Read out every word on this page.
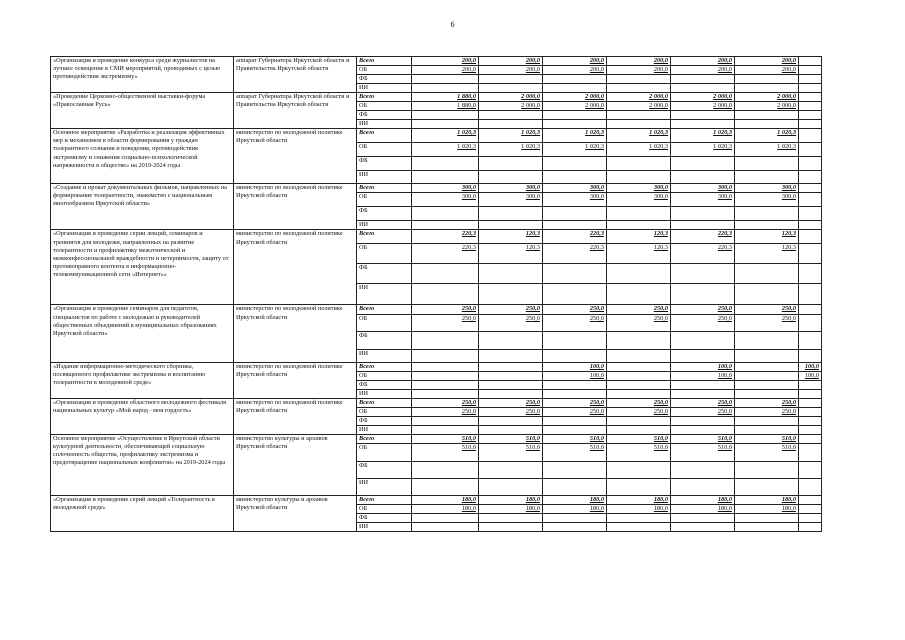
6
«Организация и проведение конкурса среди журналистов на лучшее освещение в СМИ мероприятий, проводимых с целью противодействия экстремизму»	аппарат Губернатора Иркутской области и Правительства Иркутской области	Всего	200,0	200,0	200,0	200,0	200,0	200,0	
		ОБ	200,0	200,0	200,0	200,0	200,0	200,0	
		ФБ							
		ИИ							
«Проведение Церковно-общественной выставки-форума «Православная Русь»	аппарат Губернатора Иркутской области и Правительства Иркутской области	Всего	1 880,0	2 000,0	2 000,0	2 000,0	2 000,0	2 000,0	
		ОБ	1 880,0	2 000,0	2 000,0	2 000,0	2 000,0	2 000,0	
		ФБ							
		ИИ							
Основное мероприятие «Разработка и реализация эффективных мер и механизмов в области формирования у граждан толерантного сознания и поведения, противодействия экстремизму и снижения социально-психологической напряженности в обществе» на 2019-2024 годы	министерство по молодежной политике Иркутской области	Всего	1 020,3	1 020,3	1 020,3	1 020,3	1 020,3	1 020,3	
		ОБ	1 020,3	1 020,3	1 020,3	1 020,3	1 020,3	1 020,3	
		ФБ							
		ИИ							
«Создание и прокат документальных фильмов, направленных на формирование толерантности, знакомство с национальным многообразием Иркутской области»	министерство по молодежной политике Иркутской области	Всего	300,0	300,0	300,0	300,0	300,0	300,0	
		ОБ	300,0	300,0	300,0	300,0	300,0	300,0	
		ФБ							
		ИИ							
«Организация и проведение серии лекций, семинаров и тренингов для молодежи, направленных на развитие толерантности и профилактику межэтнической и межконфессиональной враждебности и нетерпимости, защиту от противоправного контента в информационно-телекоммуникационной сети «Интернет»»	министерство по молодежной политике Иркутской области	Всего	220,3	120,3	220,3	120,3	220,3	120,3	
		ОБ	220,3	120,3	220,3	120,3	220,3	120,3	
		ФБ							
		ИИ							
«Организация и проведение семинаров для педагогов, специалистов по работе с молодежью и руководителей общественных объединений в муниципальных образованиях Иркутской области»	министерство по молодежной политике Иркутской области	Всего	250,0	250,0	250,0	250,0	250,0	250,0	
		ОБ	250,0	250,0	250,0	250,0	250,0	250,0	
		ФБ							
		ИИ							
«Издание информационно-методического сборника, посвященного профилактике экстремизма и воспитанию толерантности в молодежной среде»	министерство по молодежной политике Иркутской области	Всего			100,0		100,0		100,0
		ОБ			100,0		100,0		100,0
		ФБ							
		ИИ							
«Организация и проведение областного молодежного фестиваля национальных культур «Мой народ - моя гордость»	министерство по молодежной политике Иркутской области	Всего	250,0	250,0	250,0	250,0	250,0	250,0	
		ОБ	250,0	250,0	250,0	250,0	250,0	250,0	
		ФБ							
		ИИ							
Основное мероприятие «Осуществление в Иркутской области культурной деятельности, обеспечивающей социальную сплоченность общества, профилактику экстремизма и предотвращение национальных конфликтов» на 2019-2024 годы	министерство культуры и архивов Иркутской области	Всего	510,0	510,0	510,0	510,0	510,0	510,0	
		ОБ	510,0	510,0	510,0	510,0	510,0	510,0	
		ФБ							
		ИИ							
«Организация и проведение серий лекций «Толерантность в молодежной среде»	министерство культуры и архивов Иркутской области	Всего	180,0	180,0	180,0	180,0	180,0	180,0	
		ОБ	180,0	180,0	180,0	180,0	180,0	180,0	
		ФБ							
		ИИ							
